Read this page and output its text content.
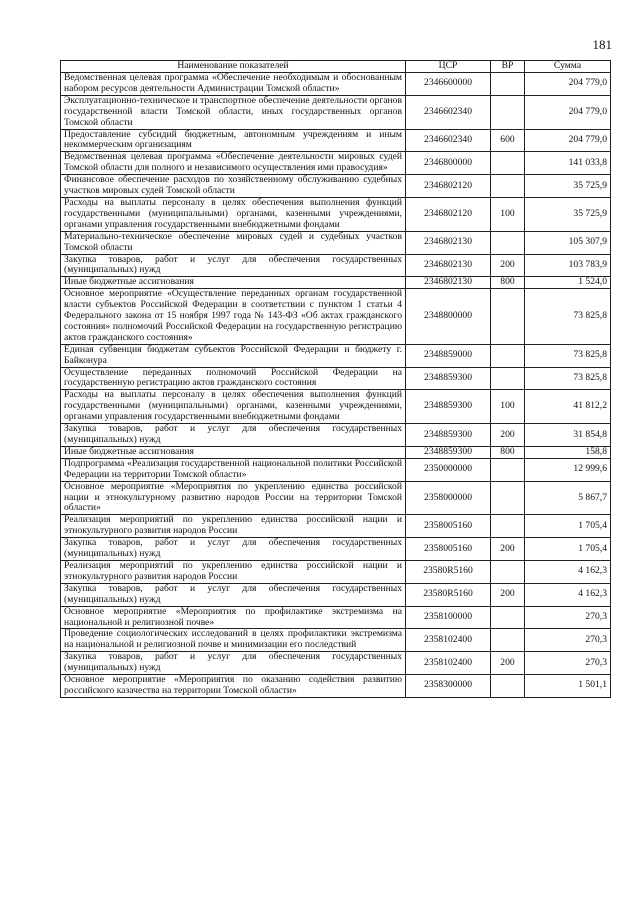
181
Наименование показателей	ЦСР	ВР	Сумма
Ведомственная целевая программа «Обеспечение необходимым и обоснованным набором ресурсов деятельности Администрации Томской области»	2346600000		204 779,0
Эксплуатационно-техническое и транспортное обеспечение деятельности органов государственной власти Томской области, иных государственных органов Томской области	2346602340		204 779,0
Предоставление субсидий бюджетным, автономным учреждениям и иным некоммерческим организациям	2346602340	600	204 779,0
Ведомственная целевая программа «Обеспечение деятельности мировых судей Томской области для полного и независимого осуществления ими правосудия»	2346800000		141 033,8
Финансовое обеспечение расходов по хозяйственному обслуживанию судебных участков мировых судей Томской области	2346802120		35 725,9
Расходы на выплаты персоналу в целях обеспечения выполнения функций государственными (муниципальными) органами, казенными учреждениями, органами управления государственными внебюджетными фондами	2346802120	100	35 725,9
Материально-техническое обеспечение мировых судей и судебных участков Томской области	2346802130		105 307,9
Закупка товаров, работ и услуг для обеспечения государственных (муниципальных) нужд	2346802130	200	103 783,9
Иные бюджетные ассигнования	2346802130	800	1 524,0
Основное мероприятие «Осуществление переданных органам государственной власти субъектов Российской Федерации в соответствии с пунктом 1 статьи 4 Федерального закона от 15 ноября 1997 года № 143-ФЗ «Об актах гражданского состояния» полномочий Российской Федерации на государственную регистрацию актов гражданского состояния»	2348800000		73 825,8
Единая субвенция бюджетам субъектов Российской Федерации и бюджету г. Байконура	2348859000		73 825,8
Осуществление переданных полномочий Российской Федерации на государственную регистрацию актов гражданского состояния	2348859300		73 825,8
Расходы на выплаты персоналу в целях обеспечения выполнения функций государственными (муниципальными) органами, казенными учреждениями, органами управления государственными внебюджетными фондами	2348859300	100	41 812,2
Закупка товаров, работ и услуг для обеспечения государственных (муниципальных) нужд	2348859300	200	31 854,8
Иные бюджетные ассигнования	2348859300	800	158,8
Подпрограмма «Реализация государственной национальной политики Российской Федерации на территории Томской области»	2350000000		12 999,6
Основное мероприятие «Мероприятия по укреплению единства российской нации и этнокультурному развитию народов России на территории Томской области»	2358000000		5 867,7
Реализация мероприятий по укреплению единства российской нации и этнокультурного развития народов России	2358005160		1 705,4
Закупка товаров, работ и услуг для обеспечения государственных (муниципальных) нужд	2358005160	200	1 705,4
Реализация мероприятий по укреплению единства российской нации и этнокультурного развития народов России	23580R5160		4 162,3
Закупка товаров, работ и услуг для обеспечения государственных (муниципальных) нужд	23580R5160	200	4 162,3
Основное мероприятие «Мероприятия по профилактике экстремизма на национальной и религиозной почве»	2358100000		270,3
Проведение социологических исследований в целях профилактики экстремизма на национальной и религиозной почве и минимизации его последствий	2358102400		270,3
Закупка товаров, работ и услуг для обеспечения государственных (муниципальных) нужд	2358102400	200	270,3
Основное мероприятие «Мероприятия по оказанию содействия развитию российского казачества на территории Томской области»	2358300000		1 501,1
